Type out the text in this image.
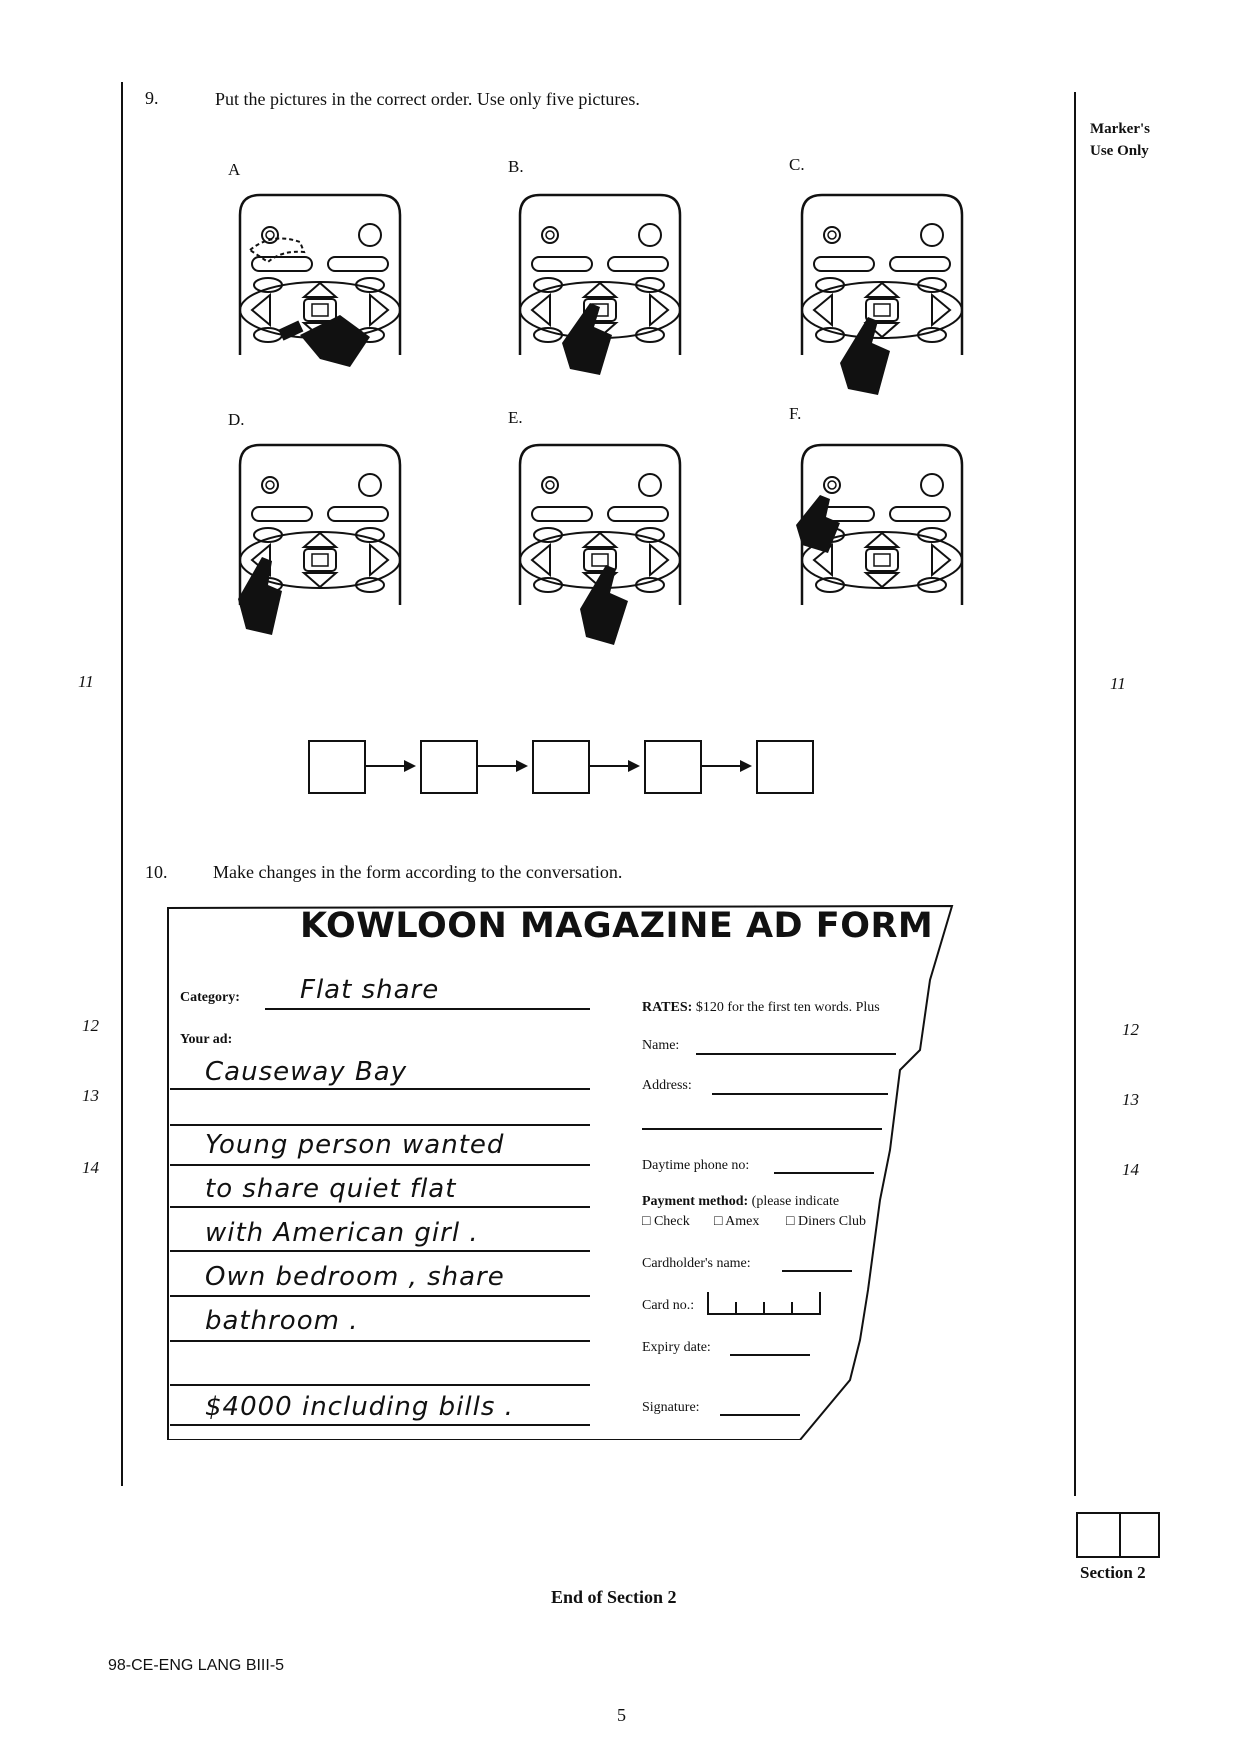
Marker's
Use Only
9.	Put the pictures in the correct order. Use only five pictures.
A	B.	C.
D.	E.	F.
11	11
10.	Make changes in the form according to the conversation.
KOWLOON MAGAZINE AD FORM
Category: Flat share
Your ad:
Causeway Bay
Young person wanted
to share quiet flat
with American girl .
Own bedroom , share
bathroom .
$4000 including bills .
RATES: $120 for the first ten words. Plus
Name:
Address:
Daytime phone no:
Payment method: (please indicate
□ Check □ Amex □ Diners Club
Cardholder's name:
Card no.:
Expiry date:
Signature:
12	12
13	13
14	14
Section 2
End of Section 2
98-CE-ENG LANG BIII-5
5
